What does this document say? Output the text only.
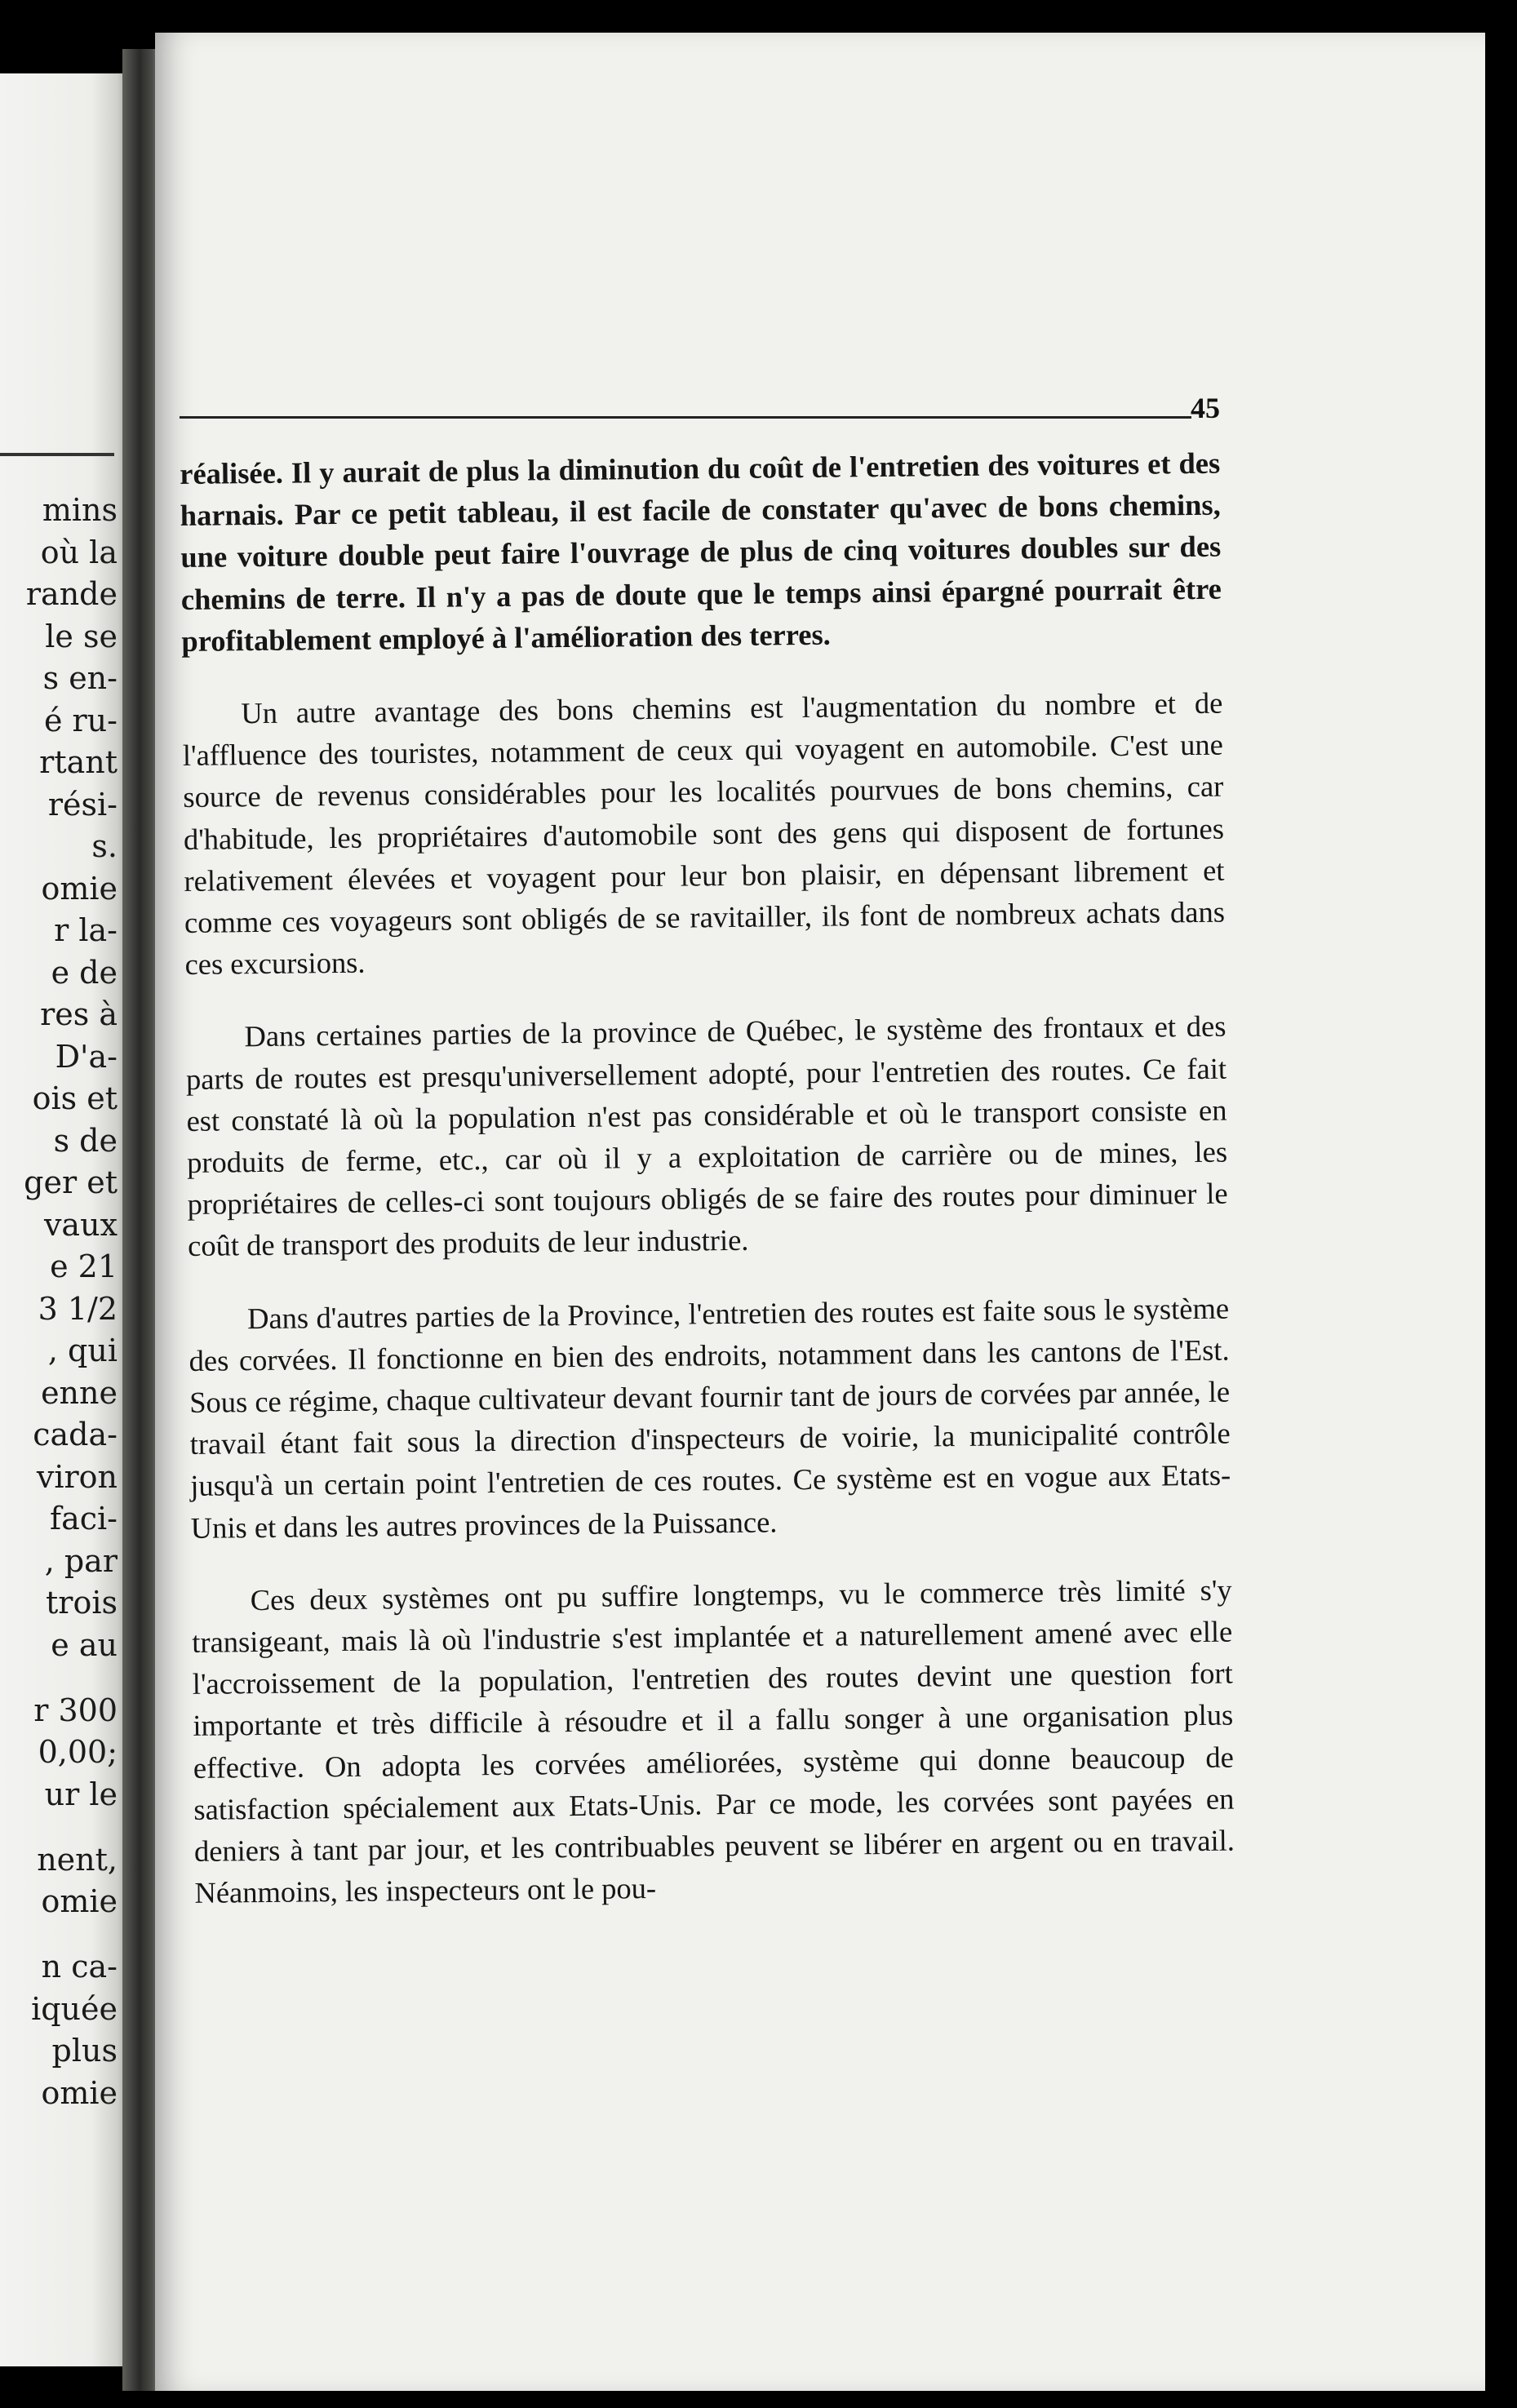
mins
où la
rande
le se
s en-
é ru-
rtant
rési-
s.
omie
r la-
e de
res à
D'a-
ois et
s de
ger et
vaux
e 21
3 1/2
, qui
enne
cada-
viron
faci-
, par
trois
e au
r 300
0,00;
ur le
nent,
omie
n ca-
iquée
plus
omie
45

réalisée. Il y aurait de plus la diminution du coût de l'entretien des voitures et des harnais. Par ce petit tableau, il est facile de constater qu'avec de bons chemins, une voiture double peut faire l'ouvrage de plus de cinq voitures doubles sur des chemins de terre. Il n'y a pas de doute que le temps ainsi épargné pourrait être profitablement employé à l'amélioration des terres.

Un autre avantage des bons chemins est l'augmentation du nombre et de l'affluence des touristes, notamment de ceux qui voyagent en automobile. C'est une source de revenus considérables pour les localités pourvues de bons chemins, car d'habitude, les propriétaires d'automobile sont des gens qui disposent de fortunes relativement élevées et voyagent pour leur bon plaisir, en dépensant librement et comme ces voyageurs sont obligés de se ravitailler, ils font de nombreux achats dans ces excursions.

Dans certaines parties de la province de Québec, le système des frontaux et des parts de routes est presqu'universellement adopté, pour l'entretien des routes. Ce fait est constaté là où la population n'est pas considérable et où le transport consiste en produits de ferme, etc., car où il y a exploitation de carrière ou de mines, les propriétaires de celles-ci sont toujours obligés de se faire des routes pour diminuer le coût de transport des produits de leur industrie.

Dans d'autres parties de la Province, l'entretien des routes est faite sous le système des corvées. Il fonctionne en bien des endroits, notamment dans les cantons de l'Est. Sous ce régime, chaque cultivateur devant fournir tant de jours de corvées par année, le travail étant fait sous la direction d'inspecteurs de voirie, la municipalité contrôle jusqu'à un certain point l'entretien de ces routes. Ce système est en vogue aux Etats-Unis et dans les autres provinces de la Puissance.

Ces deux systèmes ont pu suffire longtemps, vu le commerce très limité s'y transigeant, mais là où l'industrie s'est implantée et a naturellement amené avec elle l'accroissement de la population, l'entretien des routes devint une question fort importante et très difficile à résoudre et il a fallu songer à une organisation plus effective. On adopta les corvées améliorées, système qui donne beaucoup de satisfaction spécialement aux Etats-Unis. Par ce mode, les corvées sont payées en deniers à tant par jour, et les contribuables peuvent se libérer en argent ou en travail. Néanmoins, les inspecteurs ont le pou-
